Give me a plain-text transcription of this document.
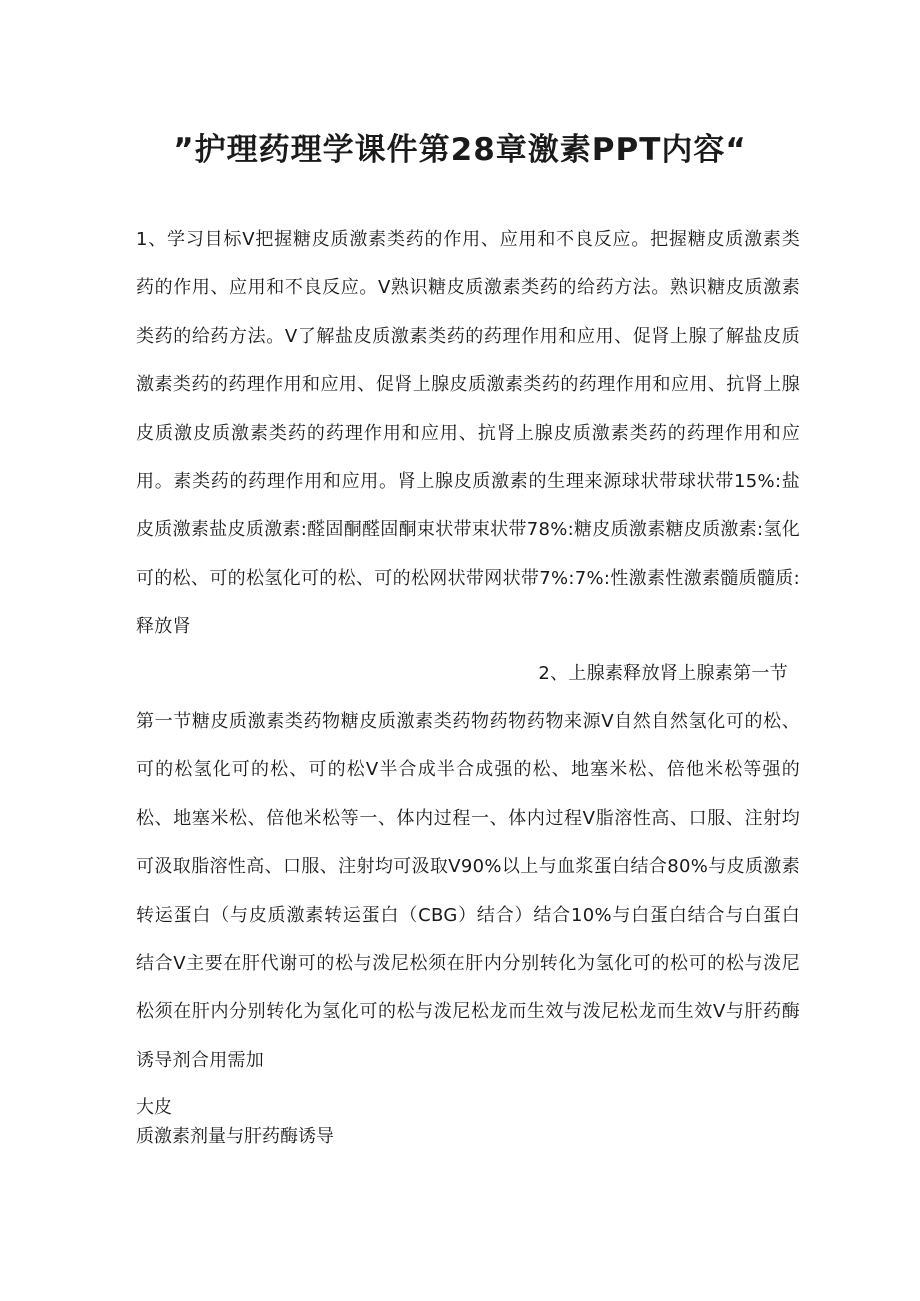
”护理药理学课件第28章激素PPT内容“
1、学习目标V把握糖皮质激素类药的作用、应用和不良反应。把握糖皮质激素类药的作用、应用和不良反应。V熟识糖皮质激素类药的给药方法。熟识糖皮质激素类药的给药方法。V了解盐皮质激素类药的药理作用和应用、促肾上腺了解盐皮质激素类药的药理作用和应用、促肾上腺皮质激素类药的药理作用和应用、抗肾上腺皮质激皮质激素类药的药理作用和应用、抗肾上腺皮质激素类药的药理作用和应用。素类药的药理作用和应用。肾上腺皮质激素的生理来源球状带球状带15%:盐皮质激素盐皮质激素:醛固酮醛固酮束状带束状带78%:糖皮质激素糖皮质激素:氢化可的松、可的松氢化可的松、可的松网状带网状带7%:7%:性激素性激素髓质髓质:释放肾
2、上腺素释放肾上腺素第一节
第一节糖皮质激素类药物糖皮质激素类药物药物药物来源V自然自然氢化可的松、可的松氢化可的松、可的松V半合成半合成强的松、地塞米松、倍他米松等强的松、地塞米松、倍他米松等一、体内过程一、体内过程V脂溶性高、口服、注射均可汲取脂溶性高、口服、注射均可汲取V90%以上与血浆蛋白结合80%与皮质激素转运蛋白（与皮质激素转运蛋白（CBG）结合）结合10%与白蛋白结合与白蛋白结合V主要在肝代谢可的松与泼尼松须在肝内分别转化为氢化可的松可的松与泼尼松须在肝内分别转化为氢化可的松与泼尼松龙而生效与泼尼松龙而生效V与肝药酶诱导剂合用需加
大皮
质激素剂量与肝药酶诱导
